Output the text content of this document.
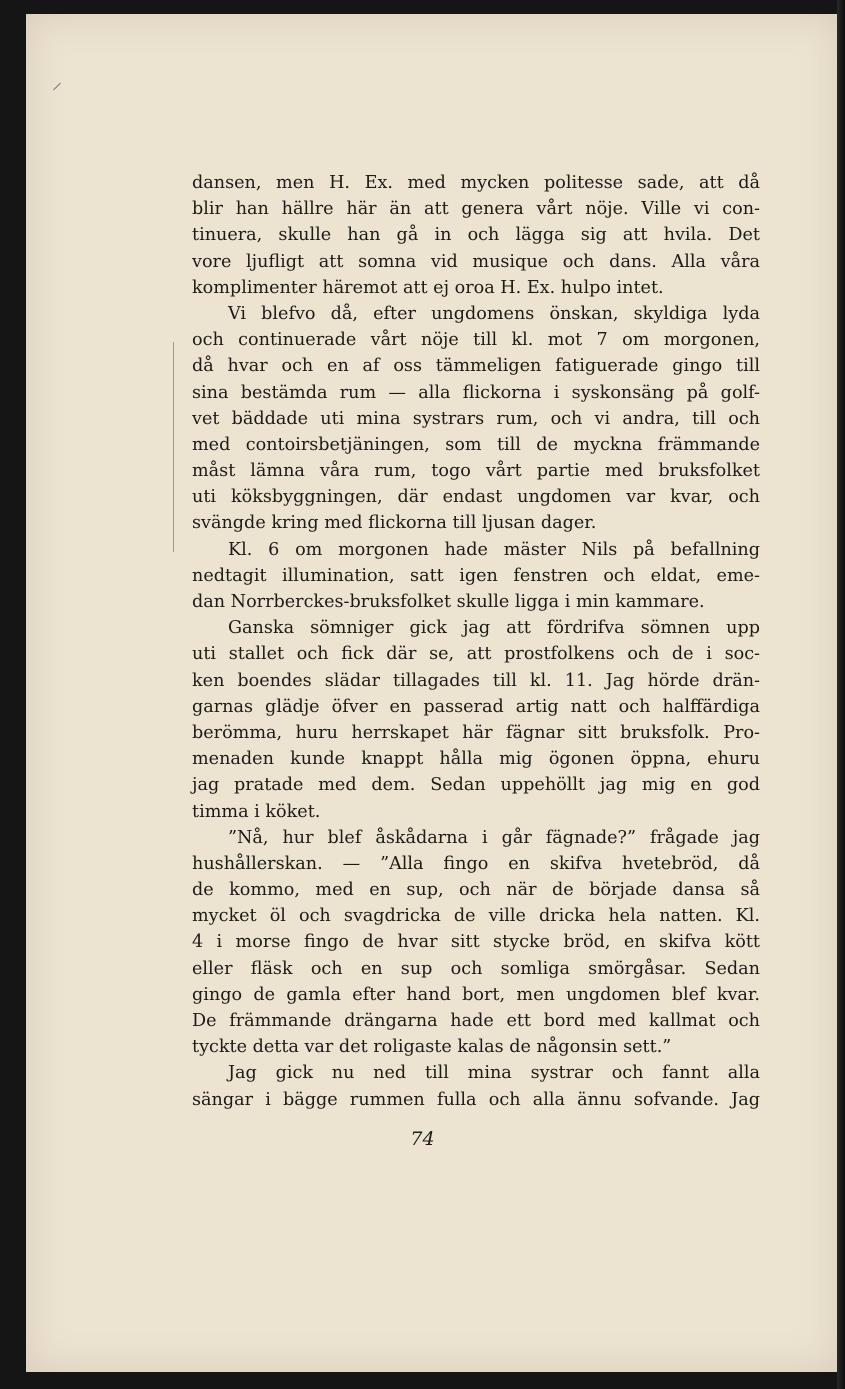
dansen, men H. Ex. med mycken politesse sade, att då
blir han hällre här än att genera vårt nöje. Ville vi con-
tinuera, skulle han gå in och lägga sig att hvila. Det
vore ljufligt att somna vid musique och dans. Alla våra
komplimenter häremot att ej oroa H. Ex. hulpo intet.
Vi blefvo då, efter ungdomens önskan, skyldiga lyda
och continuerade vårt nöje till kl. mot 7 om morgonen,
då hvar och en af oss tämmeligen fatiguerade gingo till
sina bestämda rum — alla flickorna i syskonsäng på golf-
vet bäddade uti mina systrars rum, och vi andra, till och
med contoirsbetjäningen, som till de myckna främmande
måst lämna våra rum, togo vårt partie med bruksfolket
uti köksbyggningen, där endast ungdomen var kvar, och
svängde kring med flickorna till ljusan dager.
Kl. 6 om morgonen hade mäster Nils på befallning
nedtagit illumination, satt igen fenstren och eldat, eme-
dan Norrberckes-bruksfolket skulle ligga i min kammare.
Ganska sömniger gick jag att fördrifva sömnen upp
uti stallet och fick där se, att prostfolkens och de i soc-
ken boendes slädar tillagades till kl. 11. Jag hörde drän-
garnas glädje öfver en passerad artig natt och halffärdiga
berömma, huru herrskapet här fägnar sitt bruksfolk. Pro-
menaden kunde knappt hålla mig ögonen öppna, ehuru
jag pratade med dem. Sedan uppehöllt jag mig en god
timma i köket.
”Nå, hur blef åskådarna i går fägnade?” frågade jag
hushållerskan. — ”Alla fingo en skifva hvetebröd, då
de kommo, med en sup, och när de började dansa så
mycket öl och svagdricka de ville dricka hela natten. Kl.
4 i morse fingo de hvar sitt stycke bröd, en skifva kött
eller fläsk och en sup och somliga smörgåsar. Sedan
gingo de gamla efter hand bort, men ungdomen blef kvar.
De främmande drängarna hade ett bord med kallmat och
tyckte detta var det roligaste kalas de någonsin sett.”
Jag gick nu ned till mina systrar och fannt alla
sängar i bägge rummen fulla och alla ännu sofvande. Jag
74
